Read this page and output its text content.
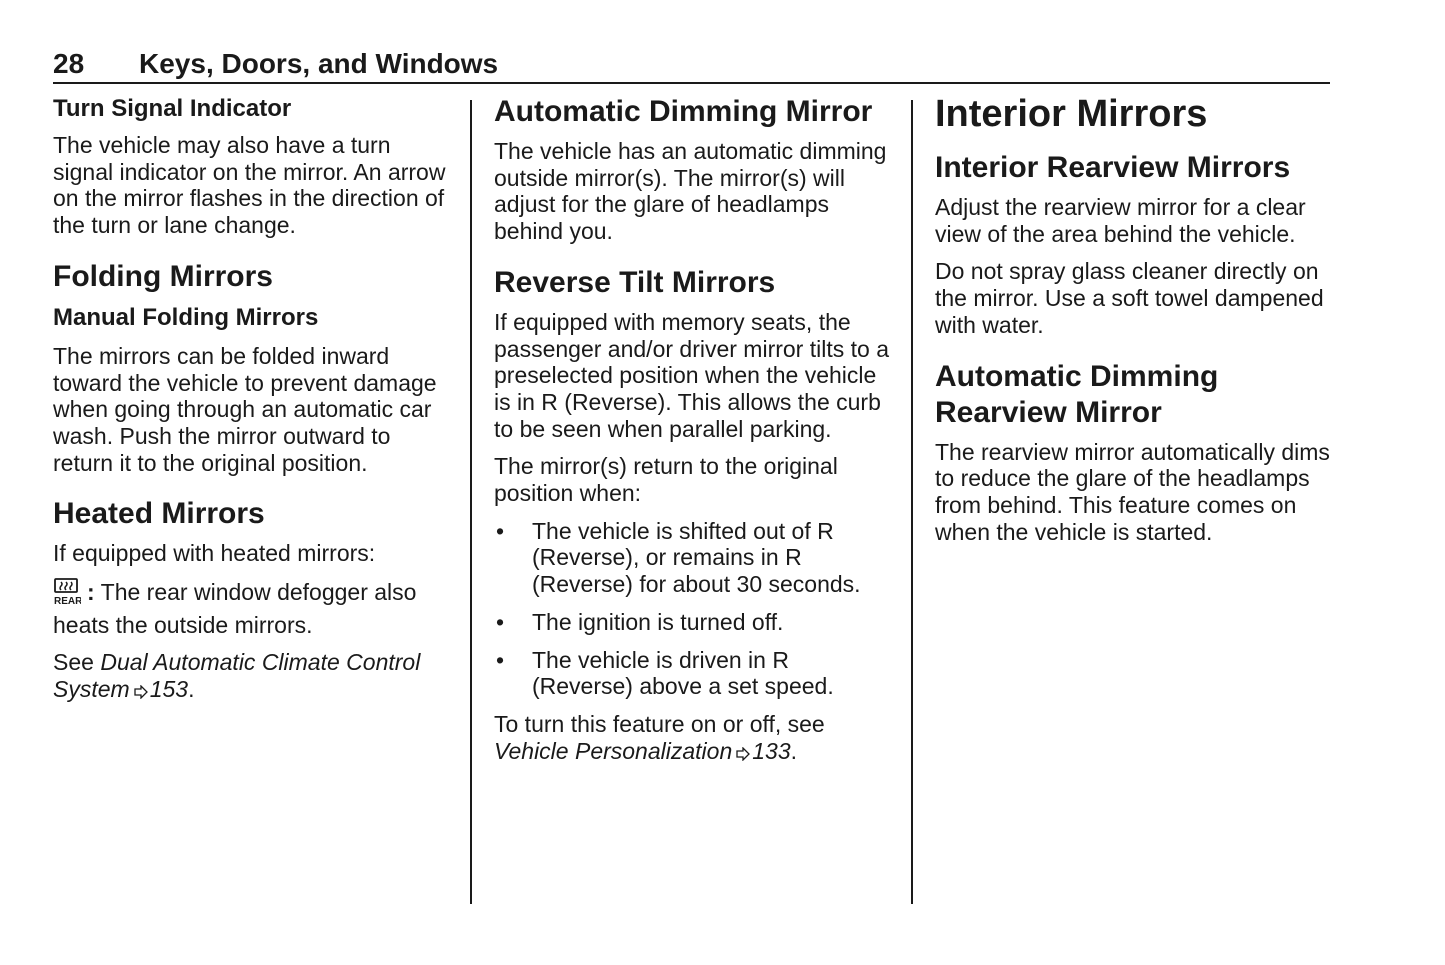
28 Keys, Doors, and Windows
Turn Signal Indicator

The vehicle may also have a turn signal indicator on the mirror. An arrow on the mirror flashes in the direction of the turn or lane change.

Folding Mirrors
Manual Folding Mirrors

The mirrors can be folded inward toward the vehicle to prevent damage when going through an automatic car wash. Push the mirror outward to return it to the original position.

Heated Mirrors

If equipped with heated mirrors:

REAR : The rear window defogger also heats the outside mirrors.

See Dual Automatic Climate Control System 153.

Automatic Dimming Mirror

The vehicle has an automatic dimming outside mirror(s). The mirror(s) will adjust for the glare of headlamps behind you.

Reverse Tilt Mirrors

If equipped with memory seats, the passenger and/or driver mirror tilts to a preselected position when the vehicle is in R (Reverse). This allows the curb to be seen when parallel parking.

The mirror(s) return to the original position when:

• The vehicle is shifted out of R (Reverse), or remains in R (Reverse) for about 30 seconds.
• The ignition is turned off.
• The vehicle is driven in R (Reverse) above a set speed.

To turn this feature on or off, see Vehicle Personalization 133.

Interior Mirrors
Interior Rearview Mirrors

Adjust the rearview mirror for a clear view of the area behind the vehicle.

Do not spray glass cleaner directly on the mirror. Use a soft towel dampened with water.

Automatic Dimming Rearview Mirror

The rearview mirror automatically dims to reduce the glare of the headlamps from behind. This feature comes on when the vehicle is started.
